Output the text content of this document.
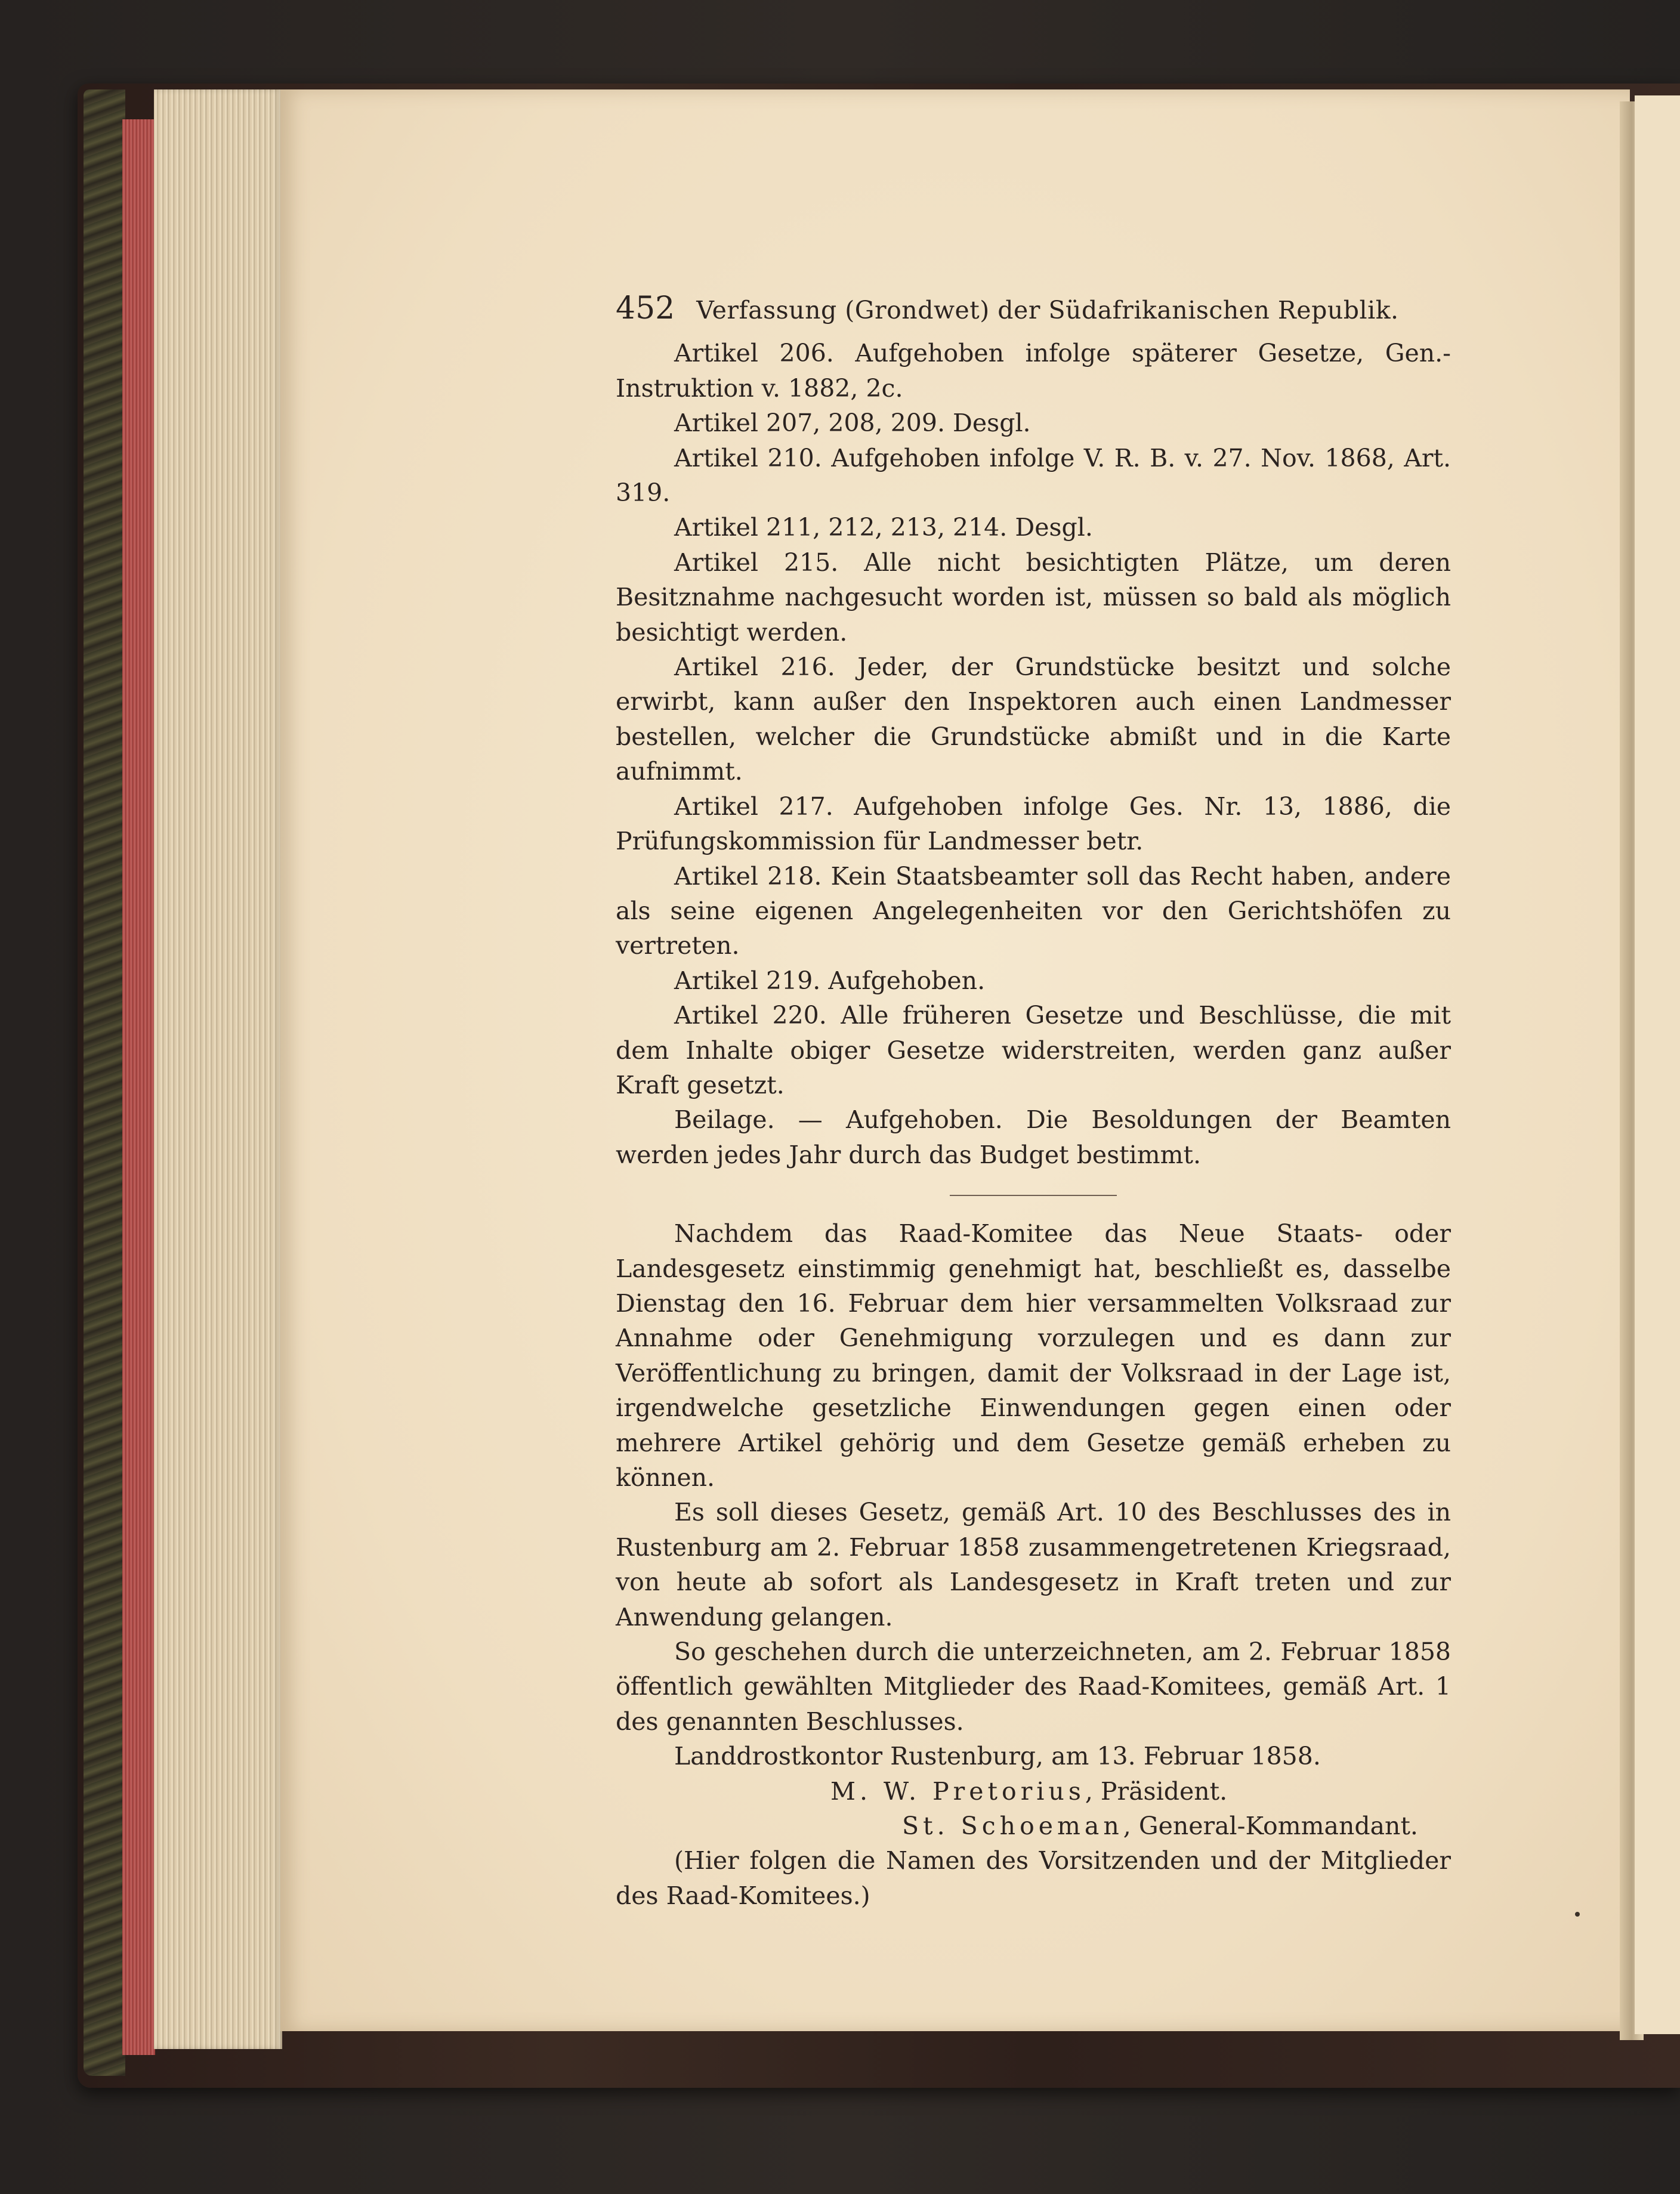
452 Verfassung (Grondwet) der Südafrikanischen Republik.

Artikel 206. Aufgehoben infolge späterer Gesetze, Gen.-Instruktion v. 1882, 2c.

Artikel 207, 208, 209. Desgl.

Artikel 210. Aufgehoben infolge V. R. B. v. 27. Nov. 1868, Art. 319.

Artikel 211, 212, 213, 214. Desgl.

Artikel 215. Alle nicht besichtigten Plätze, um deren Besitznahme nachgesucht worden ist, müssen so bald als möglich besichtigt werden.

Artikel 216. Jeder, der Grundstücke besitzt und solche erwirbt, kann außer den Inspektoren auch einen Landmesser bestellen, welcher die Grundstücke abmißt und in die Karte aufnimmt.

Artikel 217. Aufgehoben infolge Ges. Nr. 13, 1886, die Prüfungskommission für Landmesser betr.

Artikel 218. Kein Staatsbeamter soll das Recht haben, andere als seine eigenen Angelegenheiten vor den Gerichtshöfen zu vertreten.

Artikel 219. Aufgehoben.

Artikel 220. Alle früheren Gesetze und Beschlüsse, die mit dem Inhalte obiger Gesetze widerstreiten, werden ganz außer Kraft gesetzt.

Beilage. — Aufgehoben. Die Besoldungen der Beamten werden jedes Jahr durch das Budget bestimmt.

Nachdem das Raad-Komitee das Neue Staats- oder Landesgesetz einstimmig genehmigt hat, beschließt es, dasselbe Dienstag den 16. Februar dem hier versammelten Volksraad zur Annahme oder Genehmigung vorzulegen und es dann zur Veröffentlichung zu bringen, damit der Volksraad in der Lage ist, irgendwelche gesetzliche Einwendungen gegen einen oder mehrere Artikel gehörig und dem Gesetze gemäß erheben zu können.

Es soll dieses Gesetz, gemäß Art. 10 des Beschlusses des in Rustenburg am 2. Februar 1858 zusammengetretenen Kriegsraad, von heute ab sofort als Landesgesetz in Kraft treten und zur Anwendung gelangen.

So geschehen durch die unterzeichneten, am 2. Februar 1858 öffentlich gewählten Mitglieder des Raad-Komitees, gemäß Art. 1 des genannten Beschlusses.

Landdrostkontor Rustenburg, am 13. Februar 1858.

M. W. Pretorius, Präsident.

St. Schoeman, General-Kommandant.

(Hier folgen die Namen des Vorsitzenden und der Mitglieder des Raad-Komitees.)
